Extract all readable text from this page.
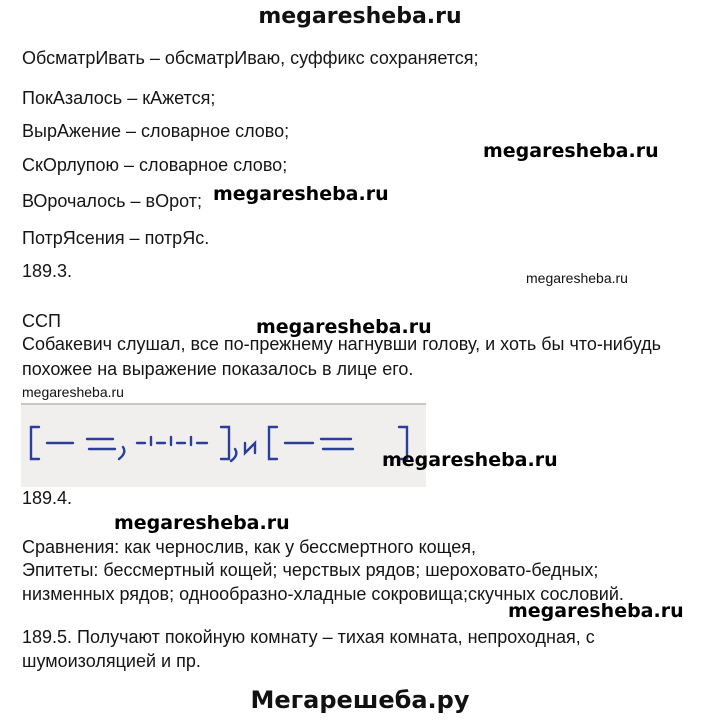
megaresheba.ru
ОбсматрИвать – обсматрИваю, суффикс сохраняется;
ПокАзалось – кАжется;
ВырАжение – словарное слово;
СкОрлупою – словарное слово;
ВОрочалось – вОрот;
ПотрЯсения – потрЯс.
189.3.
ССП
Собакевич слушал, все по-прежнему нагнувши голову, и хоть бы что-нибудь
похожее на выражение показалось в лице его.
189.4.
Сравнения: как чернослив, как у бессмертного кощея,
Эпитеты: бессмертный кощей; черствых рядов; шероховато-бедных;
низменных рядов; однообразно-хладные сокровища;скучных сословий.
189.5. Получают покойную комнату – тихая комната, непроходная, с
шумоизоляцией и пр.
megaresheba.ru
megaresheba.ru
megaresheba.ru
megaresheba.ru
megaresheba.ru
megaresheba.ru
megaresheba.ru
megaresheba.ru
Мегарешеба.ру
